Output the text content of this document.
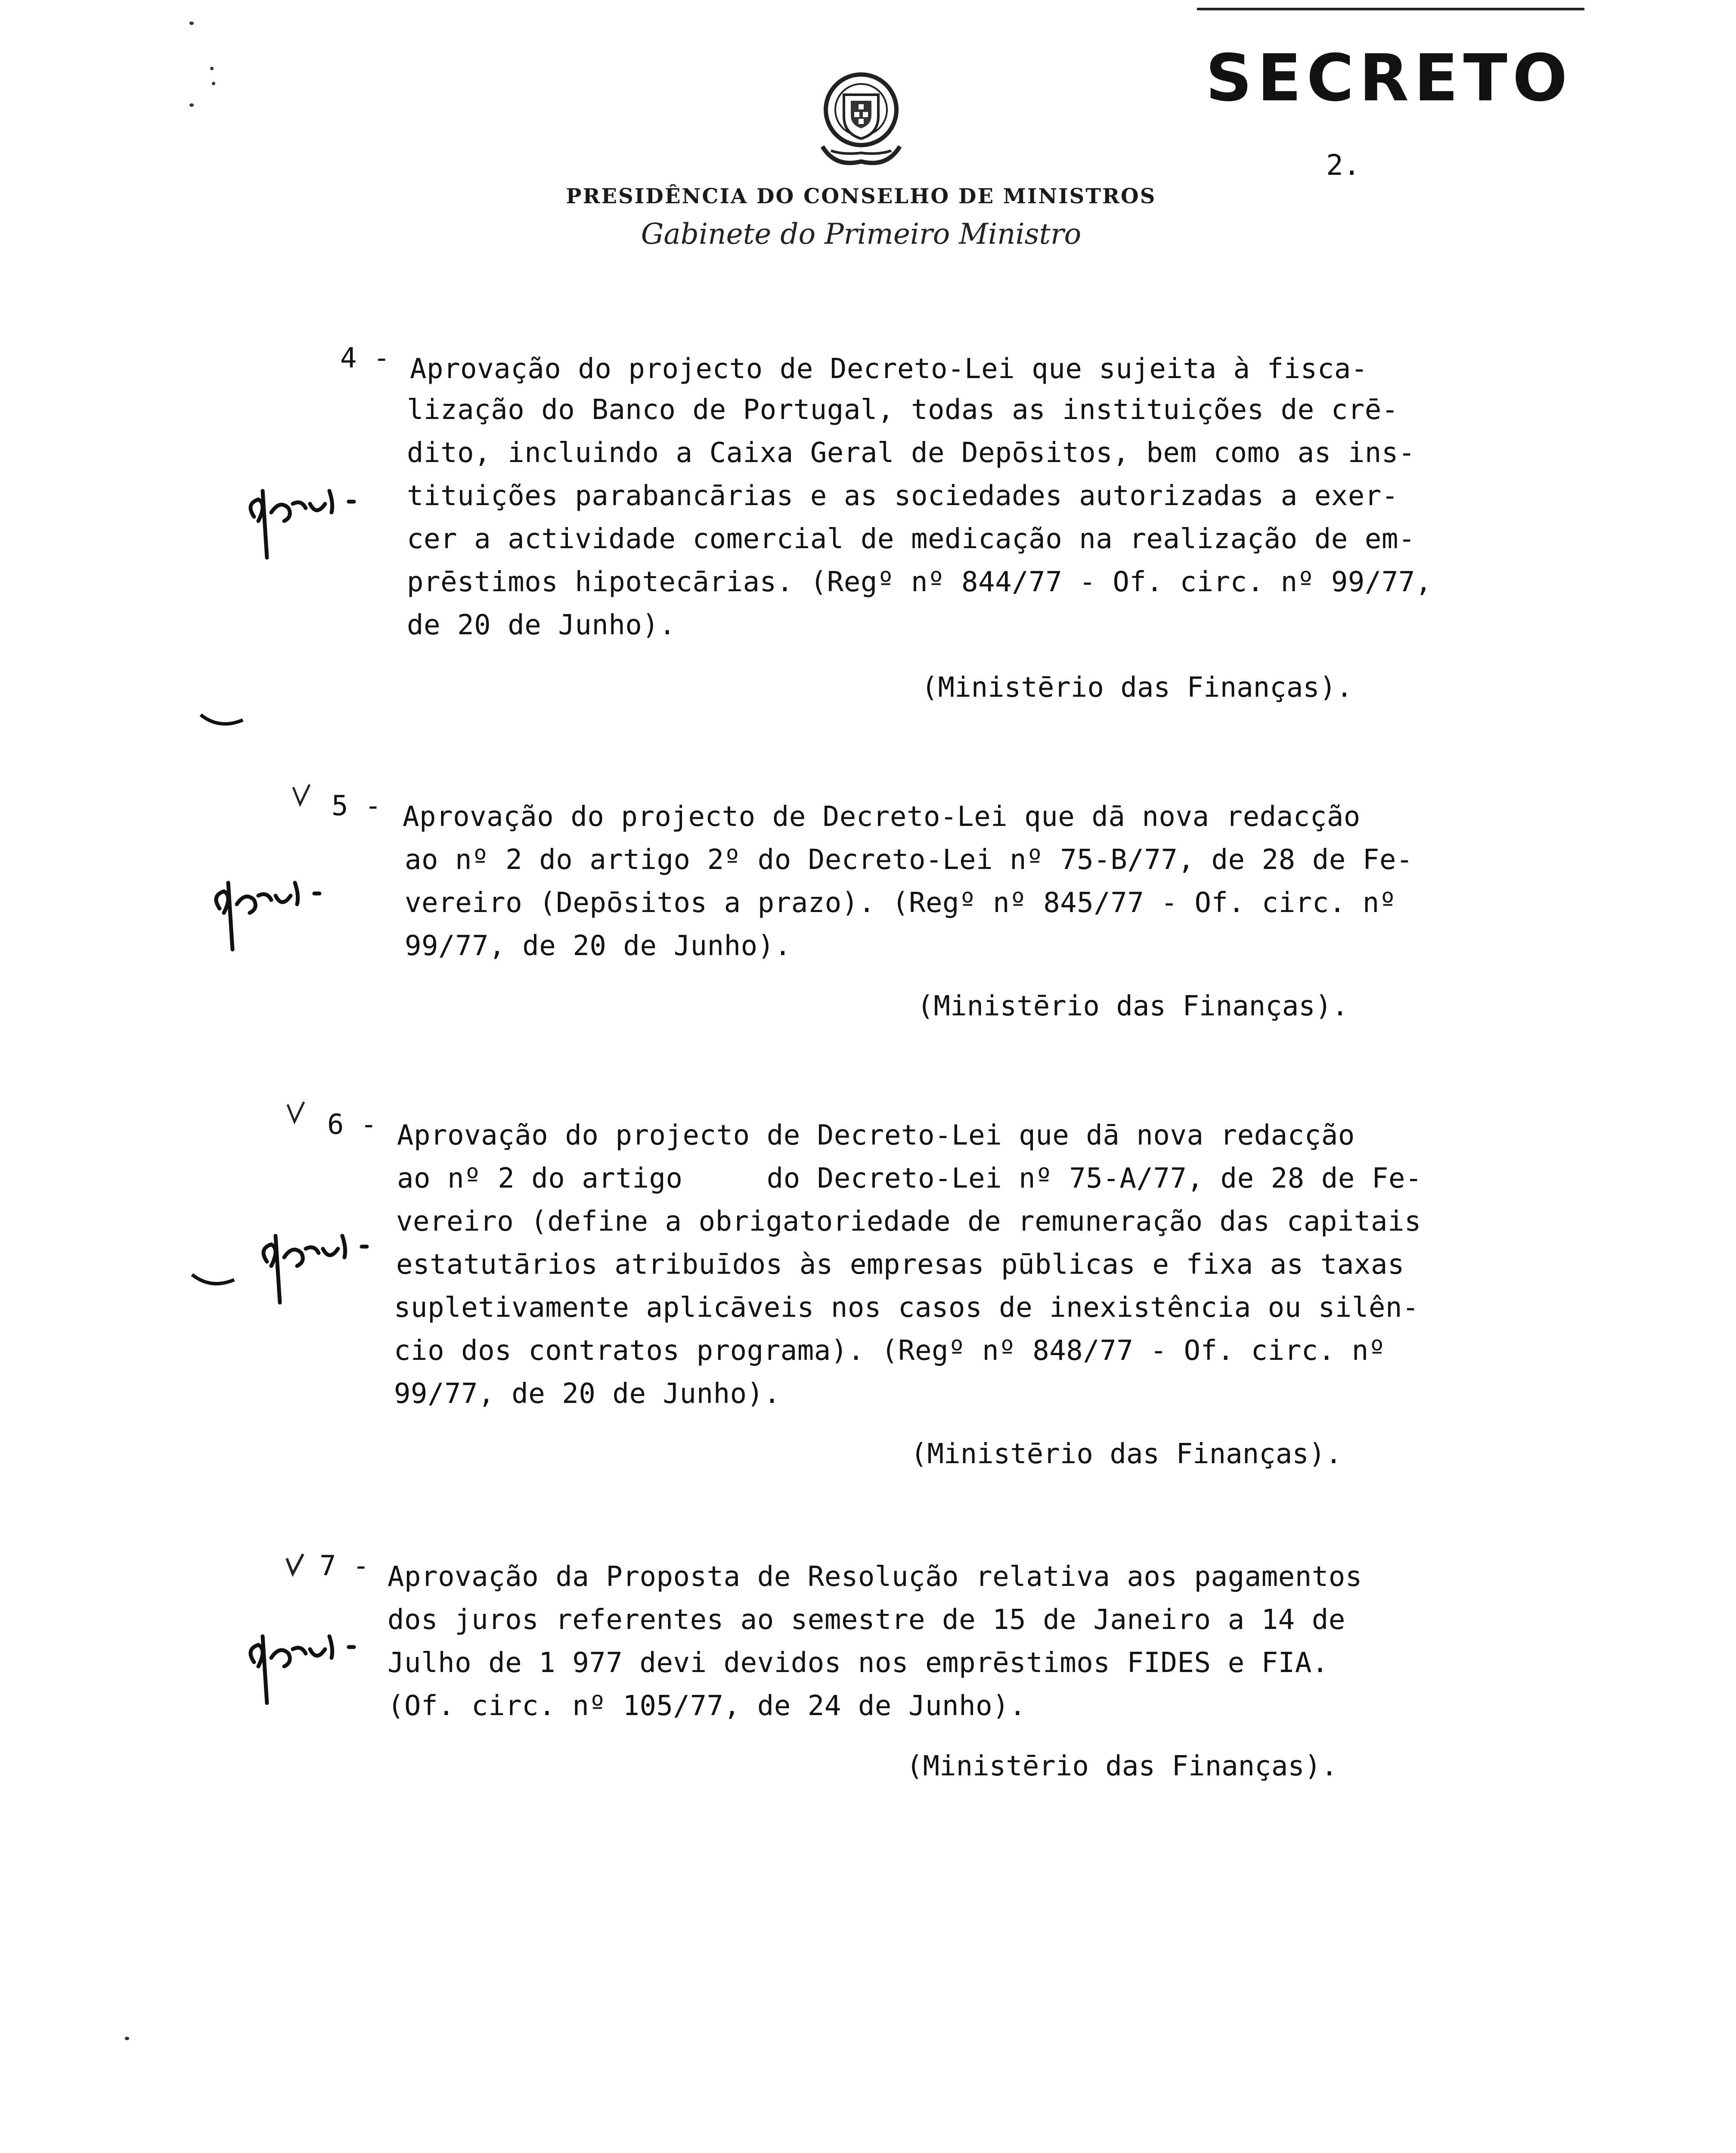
SECRETO
2.
PRESIDÊNCIA DO CONSELHO DE MINISTROS
Gabinete do Primeiro Ministro
4 - Aprovação do projecto de Decreto-Lei que sujeita à fisca-
lização do Banco de Portugal, todas as instituições de crē-
dito, incluindo a Caixa Geral de Depōsitos, bem como as ins-
tituições parabancārias e as sociedades autorizadas a exer-
cer a actividade comercial de medicação na realização de em-
prēstimos hipotecārias. (Regº nº 844/77 - Of. circ. nº 99/77,
de 20 de Junho).
(Ministērio das Finanças).
5 - Aprovação do projecto de Decreto-Lei que dā nova redacção
ao nº 2 do artigo 2º do Decreto-Lei nº 75-B/77, de 28 de Fe-
vereiro (Depōsitos a prazo). (Regº nº 845/77 - Of. circ. nº
99/77, de 20 de Junho).
(Ministērio das Finanças).
6 - Aprovação do projecto de Decreto-Lei que dā nova redacção
ao nº 2 do artigo     do Decreto-Lei nº 75-A/77, de 28 de Fe-
vereiro (define a obrigatoriedade de remuneração das capitais
estatutārios atribuīdos às empresas pūblicas e fixa as taxas
supletivamente aplicāveis nos casos de inexistência ou silên-
cio dos contratos programa). (Regº nº 848/77 - Of. circ. nº
99/77, de 20 de Junho).
(Ministērio das Finanças).
7 - Aprovação da Proposta de Resolução relativa aos pagamentos
dos juros referentes ao semestre de 15 de Janeiro a 14 de
Julho de 1 977 devi devidos nos emprēstimos FIDES e FIA.
(Of. circ. nº 105/77, de 24 de Junho).
(Ministērio das Finanças).
